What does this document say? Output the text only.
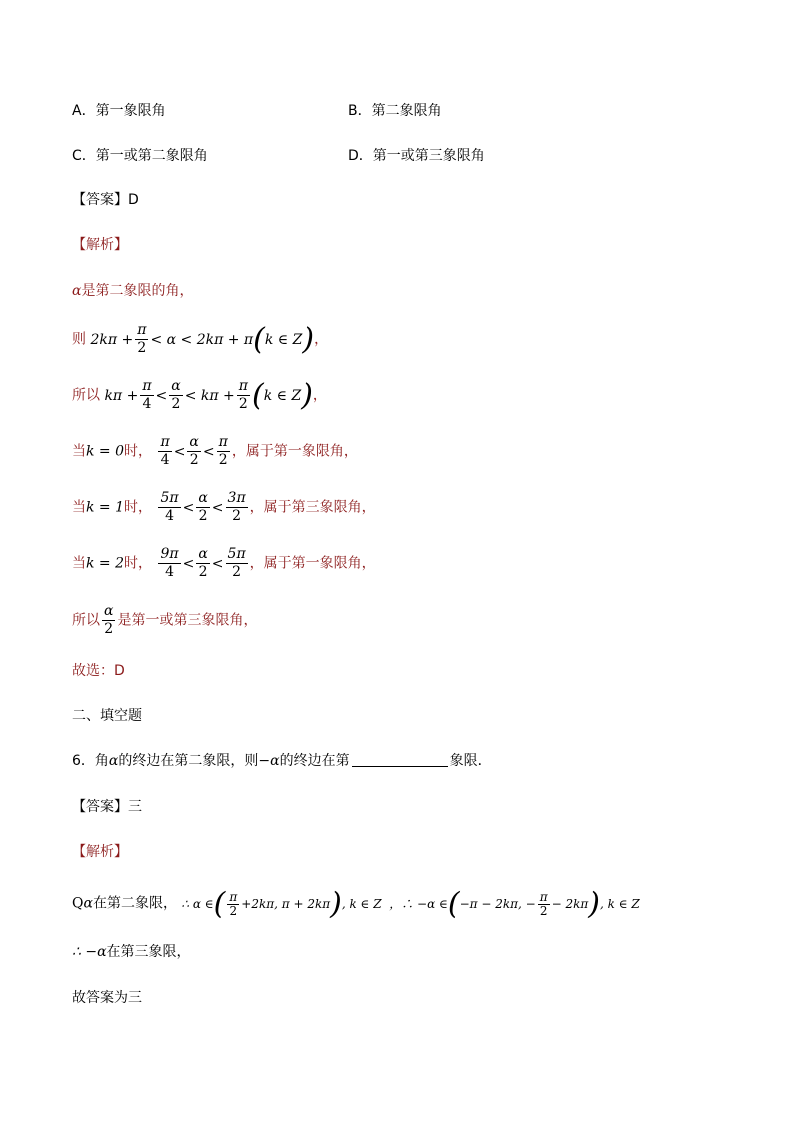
A．第一象限角	B．第二象限角
C．第一或第二象限角	D．第一或第三象限角
【答案】D
【解析】
α是第二象限的角，
则 $2k\pi + \frac{\pi}{2} < \alpha < 2k\pi + \pi(k$ ∈ Z)，
所以 $k\pi + \frac{\pi}{4} < \frac{\alpha}{2} < k\pi + \frac{\pi}{2} (k$ ∈ Z)，
当k = 0时， $\frac{\pi}{4} < \frac{\alpha}{2} < \frac{\pi}{2}$ ，属于第一象限角，
当k = 1时， $\frac{5\pi}{4} < \frac{\alpha}{2} < \frac{3\pi}{2}$ ，属于第三象限角，
当k = 2时， $\frac{9\pi}{4} < \frac{\alpha}{2} < \frac{5\pi}{2}$ ，属于第一象限角，
所以 $\frac{\alpha}{2}$ 是第一或第三象限角，
故选：D
二、填空题
6．角α的终边在第二象限，则−α的终边在第	象限．
【答案】三
【解析】
Qα在第二象限， ∴ α ∈( $\frac{\pi}{2} +2k\pi$, π + 2kπ), k ∈ Z  ，∴ −α ∈(−π − 2kπ, − $\frac{\pi}{2} - 2k\pi$), k ∈ Z
∴ −α在第三象限，
故答案为三
